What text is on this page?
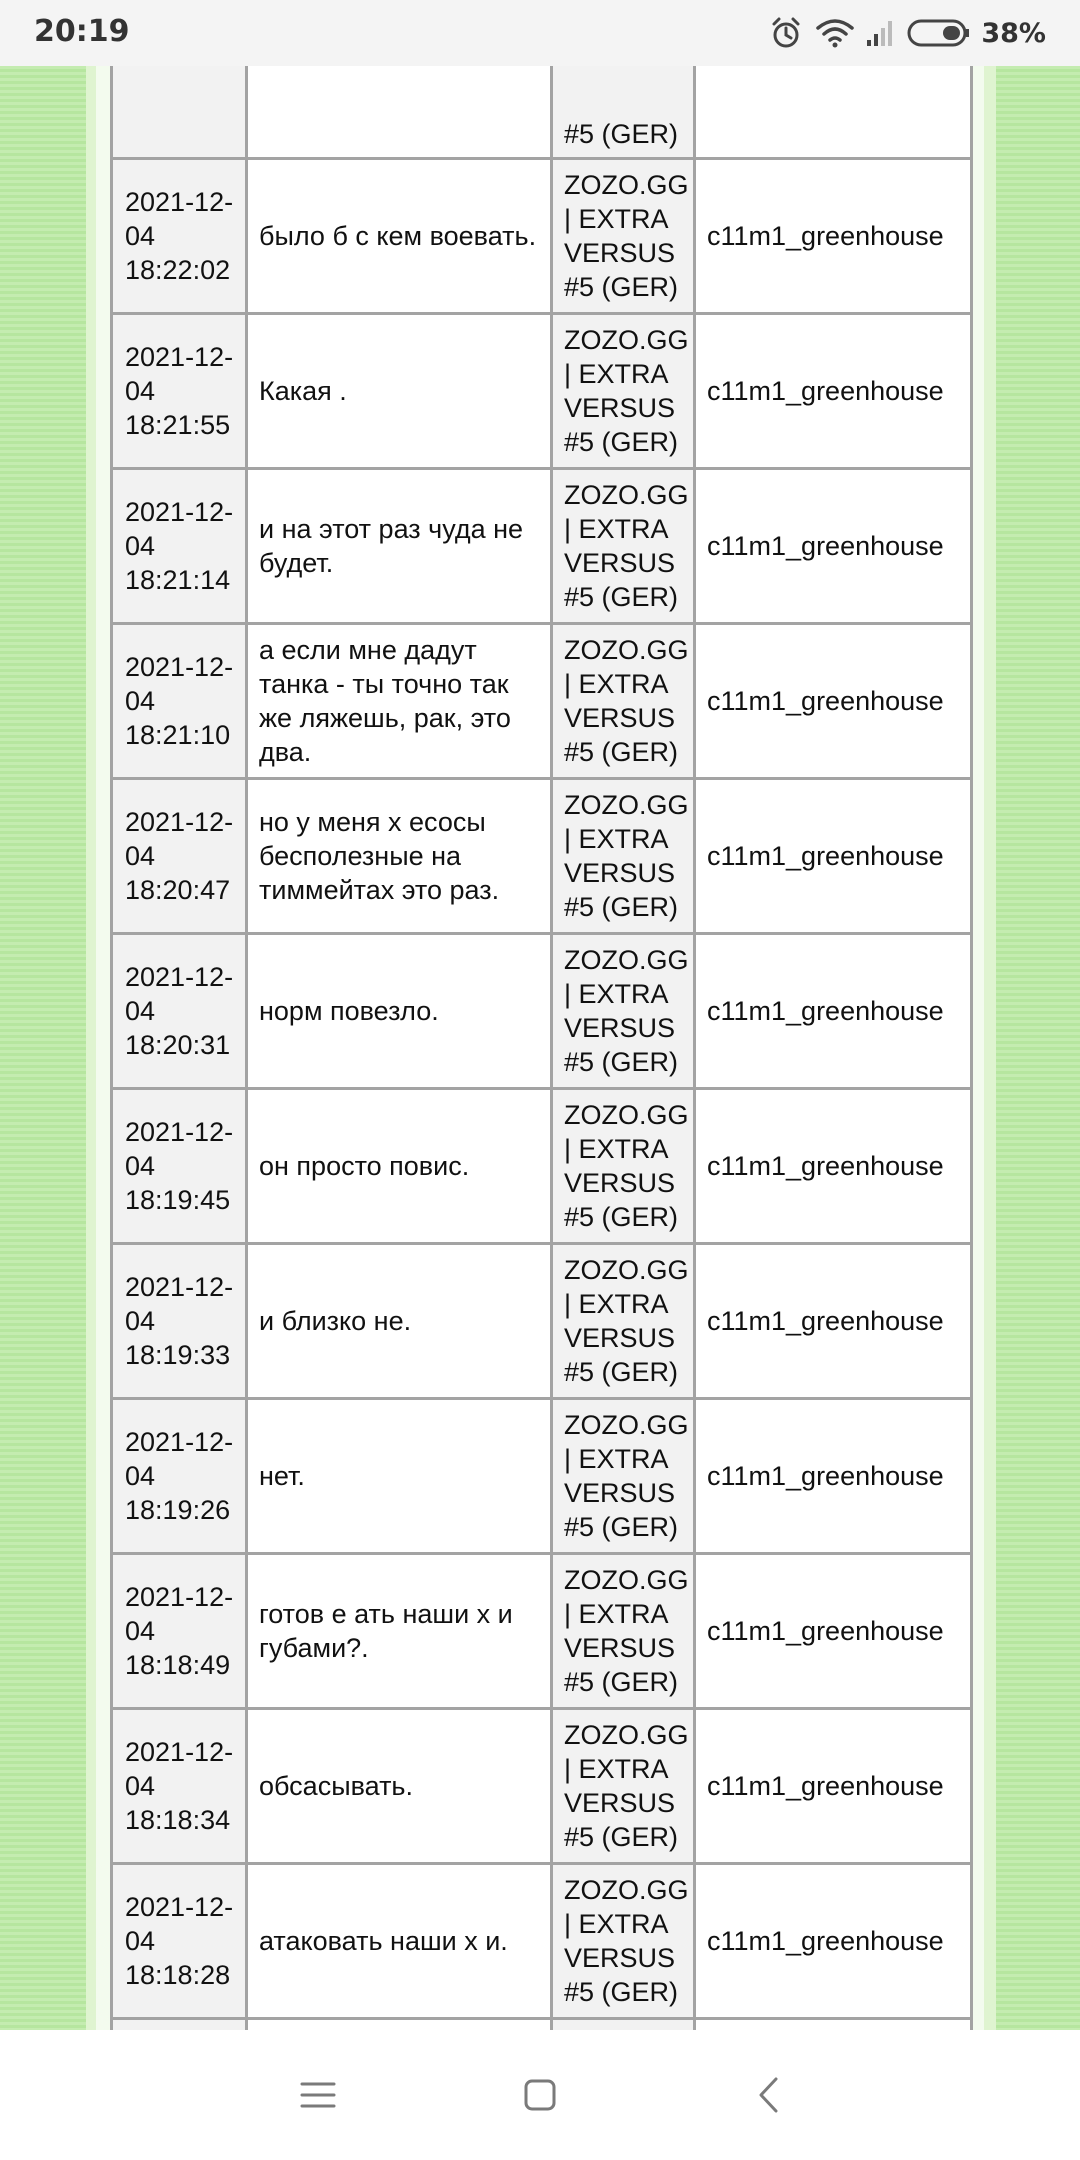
20:19	38%
		#5 (GER)	
2021-12-04 18:22:02	было б с кем воевать.	ZOZO.GG | EXTRA VERSUS #5 (GER)	c11m1_greenhouse
2021-12-04 18:21:55	Какая .	ZOZO.GG | EXTRA VERSUS #5 (GER)	c11m1_greenhouse
2021-12-04 18:21:14	и на этот раз чуда не будет.	ZOZO.GG | EXTRA VERSUS #5 (GER)	c11m1_greenhouse
2021-12-04 18:21:10	а если мне дадут танка - ты точно так же ляжешь, рак, это два.	ZOZO.GG | EXTRA VERSUS #5 (GER)	c11m1_greenhouse
2021-12-04 18:20:47	но у меня х есосы бесполезные на тиммейтах это раз.	ZOZO.GG | EXTRA VERSUS #5 (GER)	c11m1_greenhouse
2021-12-04 18:20:31	норм повезло.	ZOZO.GG | EXTRA VERSUS #5 (GER)	c11m1_greenhouse
2021-12-04 18:19:45	он просто повис.	ZOZO.GG | EXTRA VERSUS #5 (GER)	c11m1_greenhouse
2021-12-04 18:19:33	и близко не.	ZOZO.GG | EXTRA VERSUS #5 (GER)	c11m1_greenhouse
2021-12-04 18:19:26	нет.	ZOZO.GG | EXTRA VERSUS #5 (GER)	c11m1_greenhouse
2021-12-04 18:18:49	готов е ать наши х и губами?.	ZOZO.GG | EXTRA VERSUS #5 (GER)	c11m1_greenhouse
2021-12-04 18:18:34	обсасывать.	ZOZO.GG | EXTRA VERSUS #5 (GER)	c11m1_greenhouse
2021-12-04 18:18:28	атаковать наши х и.	ZOZO.GG | EXTRA VERSUS #5 (GER)	c11m1_greenhouse
